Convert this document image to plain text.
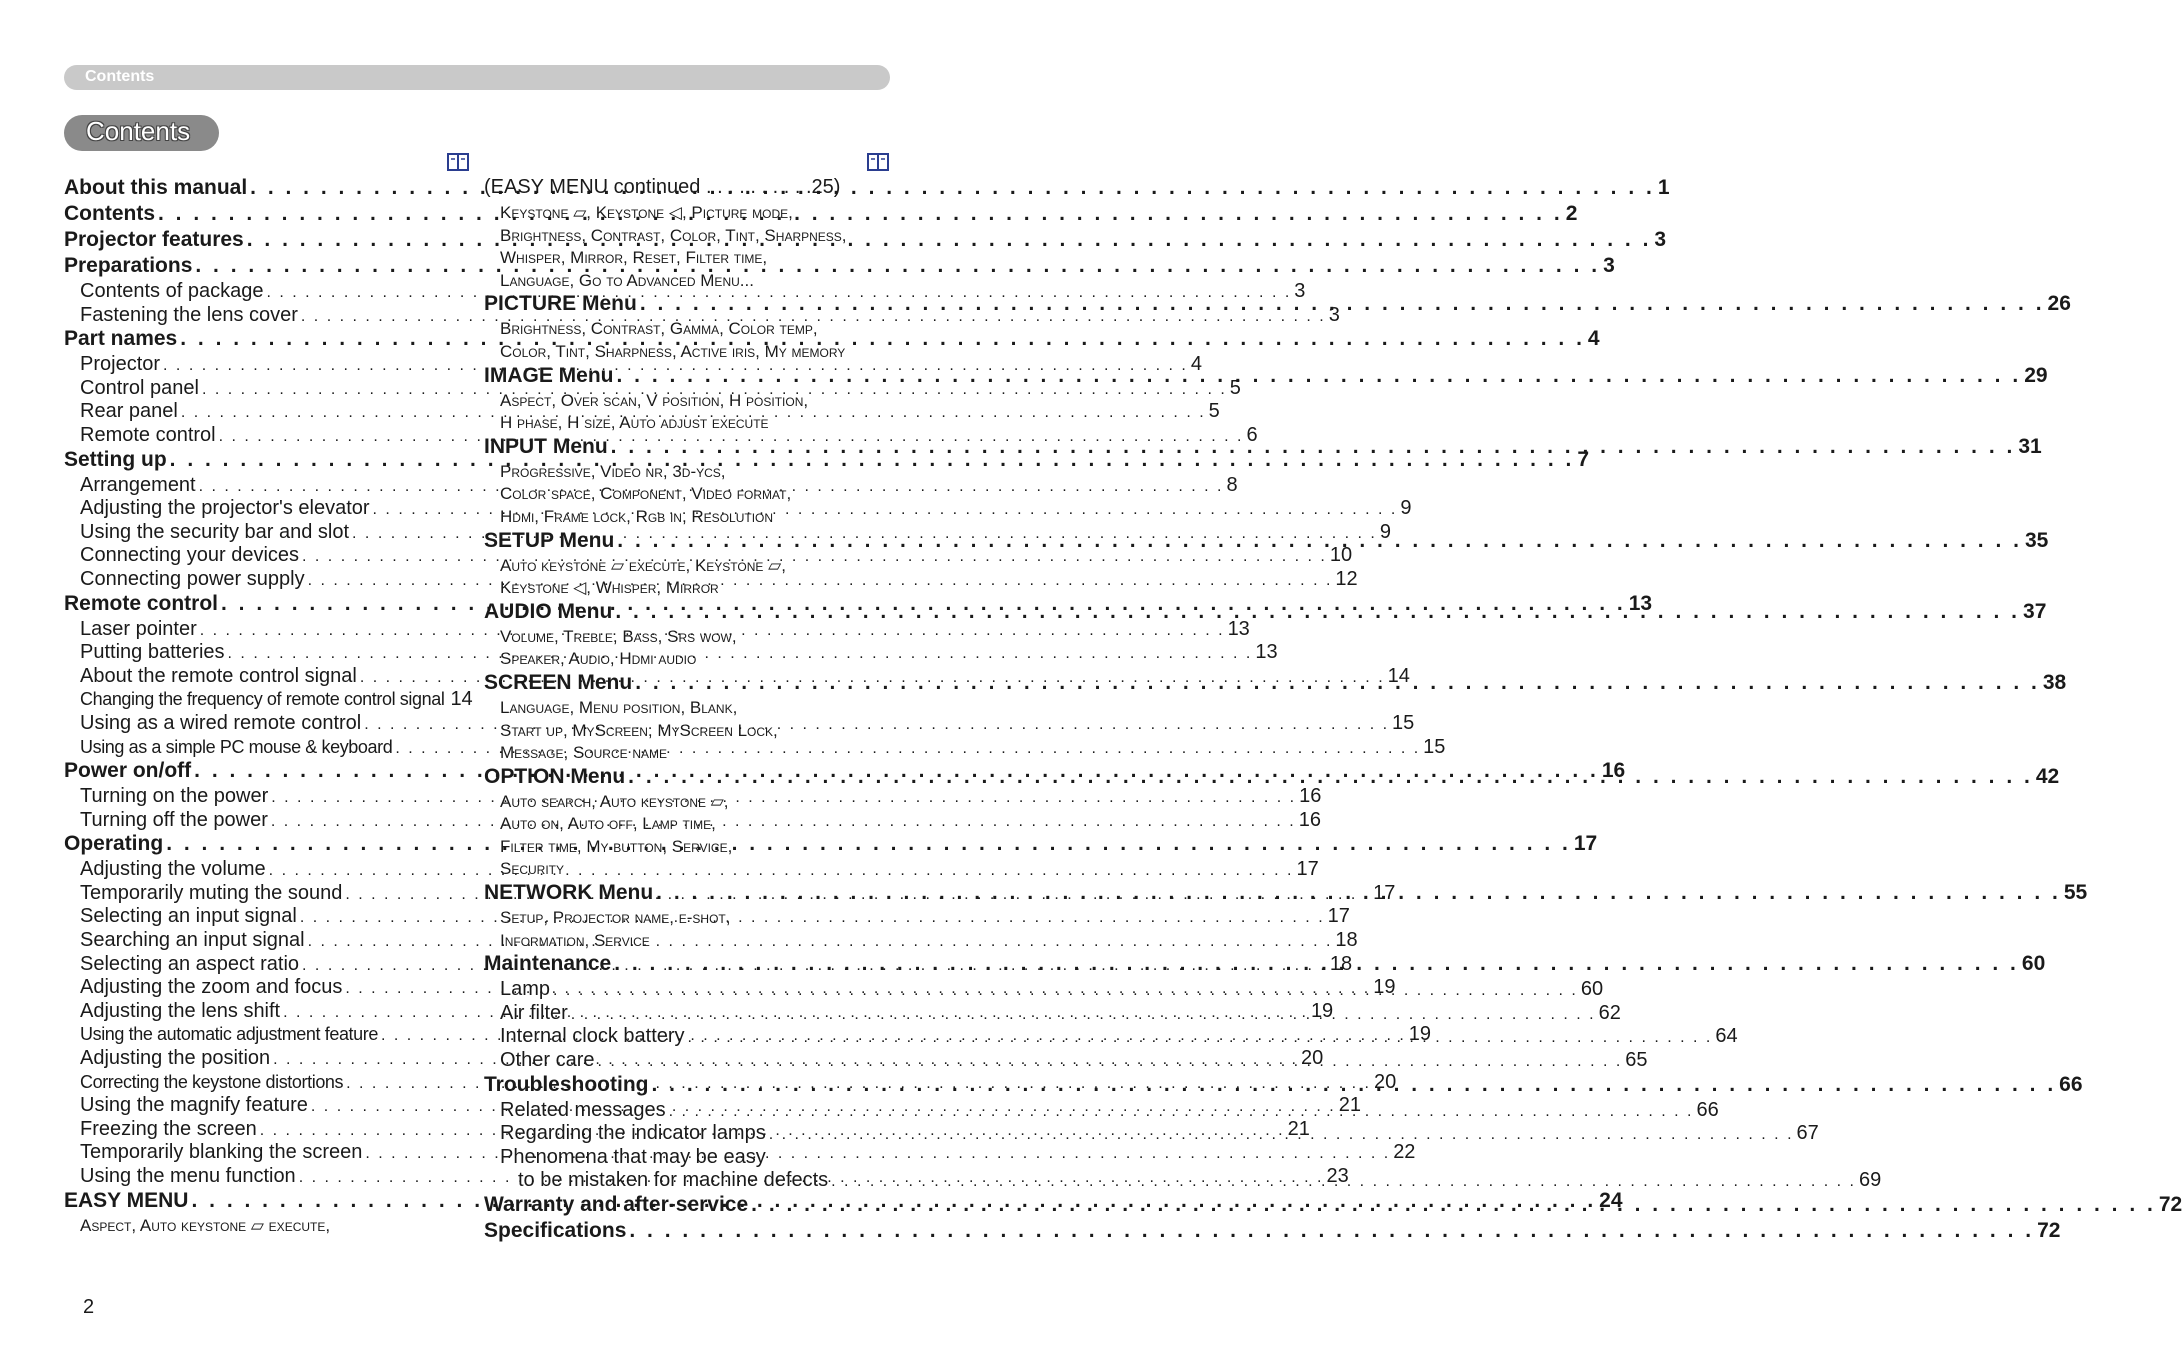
Contents
Contents
About this manual . . .	1
Contents . . .	2
Projector features . . .	3
Preparations . . .	3
Contents of package . . .	3
Fastening the lens cover . . .	3
Part names . . .	4
Projector . . .	4
Control panel . . .	5
Rear panel . . .	5
Remote control . . .	6
Setting up . . .	7
Arrangement . . .	8
Adjusting the projector's elevator . . .	9
Using the security bar and slot . . .	9
Connecting your devices . . .	10
Connecting power supply . . .	12
Remote control . . .	13
Laser pointer . . .	13
Putting batteries . . .	13
About the remote control signal . . .	14
Changing the frequency of remote control signal 14
Using as a wired remote control . . .	15
Using as a simple PC mouse & keyboard . . .	15
Power on/off . . .	16
Turning on the power . . .	16
Turning off the power . . .	16
Operating . . .	17
Adjusting the volume . . .	17
Temporarily muting the sound . . .	17
Selecting an input signal . . .	17
Searching an input signal . . .	18
Selecting an aspect ratio . . .	18
Adjusting the zoom and focus . . .	19
Adjusting the lens shift . . .	19
Using the automatic adjustment feature . . .	19
Adjusting the position . . .	20
Correcting the keystone distortions . . .	20
Using the magnify feature . . .	21
Freezing the screen . . .	21
Temporarily blanking the screen . . .	22
Using the menu function . . .	23
EASY MENU . . .	24
Aspect, Auto keystone ▱ execute,
(EASY MENU continued . . . . . . . . . .25)
Keystone ▱, Keystone ◁, Picture mode,
Brightness, Contrast, Color, Tint, Sharpness,
Whisper, Mirror, Reset, Filter time,
Language, Go to Advanced Menu...
PICTURE Menu . . .	26
Brightness, Contrast, Gamma, Color temp,
Color, Tint, Sharpness, Active iris, My memory
IMAGE Menu . . .	29
Aspect, Over scan, V position, H position,
H phase, H size, Auto adjust execute
INPUT Menu . . .	31
Progressive, Video nr, 3d-ycs,
Color space, Component, Video format,
Hdmi, Frame lock, Rgb in, Resolution
SETUP Menu . . .	35
Auto keystone ▱ execute, Keystone ▱,
Keystone ◁, Whisper, Mirror
AUDIO Menu . . .	37
Volume, Treble, Bass, Srs wow,
Speaker, Audio, Hdmi audio
SCREEN Menu . . .	38
Language, Menu position, Blank,
Start up, MyScreen, MyScreen Lock,
Message, Source name
OPTION Menu . . .	42
Auto search, Auto keystone ▱,
Auto on, Auto off, Lamp time,
Filter time, My button, Service,
Security
NETWORK Menu . . .	55
Setup, Projector name, e-shot,
Information, Service
Maintenance . . .	60
Lamp . . .	60
Air filter . . .	62
Internal clock battery . . .	64
Other care . . .	65
Troubleshooting . . .	66
Related messages . . .	66
Regarding the indicator lamps . . .	67
Phenomena that may be easy
to be mistaken for machine defects . . .	69
Warranty and after-service . . .	72
Specifications . . .	72
2
